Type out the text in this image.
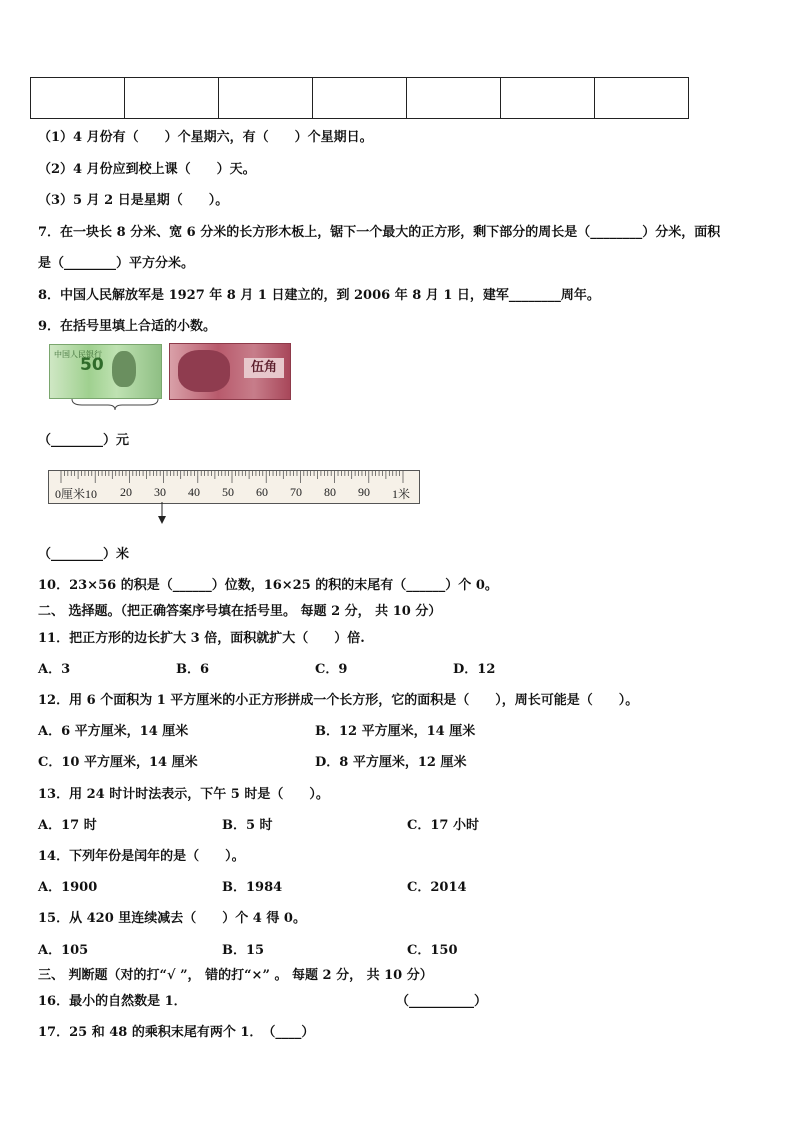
（1）4 月份有（　　）个星期六，有（　　）个星期日。
（2）4 月份应到校上课（　　）天。
（3）5 月 2 日是星期（　　）。
7．在一块长 8 分米、宽 6 分米的长方形木板上，锯下一个最大的正方形，剩下部分的周长是（________）分米，面积
是（________）平方分米。
8．中国人民解放军是 1927 年 8 月 1 日建立的，到 2006 年 8 月 1 日，建军________周年。
9．在括号里填上合适的小数。
中国人民银行
50	伍角
（________）元
0厘米10 20 30 40 50 60 70 80 90 1米
（________）米
10．23×56 的积是（______）位数，16×25 的积的末尾有（______）个 0。
二、 选择题。（把正确答案序号填在括号里。 每题 2 分， 共 10 分）
11．把正方形的边长扩大 3 倍，面积就扩大（　　）倍.
A．3	B．6	C．9	D．12
12．用 6 个面积为 1 平方厘米的小正方形拼成一个长方形，它的面积是（　　），周长可能是（　　）。
A．6 平方厘米，14 厘米	B．12 平方厘米，14 厘米
C．10 平方厘米，14 厘米	D．8 平方厘米，12 厘米
13．用 24 时计时法表示，下午 5 时是（　　）。
A．17 时	B．5 时	C．17 小时
14．下列年份是闰年的是（　　）。
A．1900	B．1984	C．2014
15．从 420 里连续减去（　　）个 4 得 0。
A．105	B．15	C．150
三、 判断题（对的打“√ ”， 错的打“×” 。 每题 2 分， 共 10 分）
16．最小的自然数是 1．	（__________）
17．25 和 48 的乘积末尾有两个 1．　（____）
